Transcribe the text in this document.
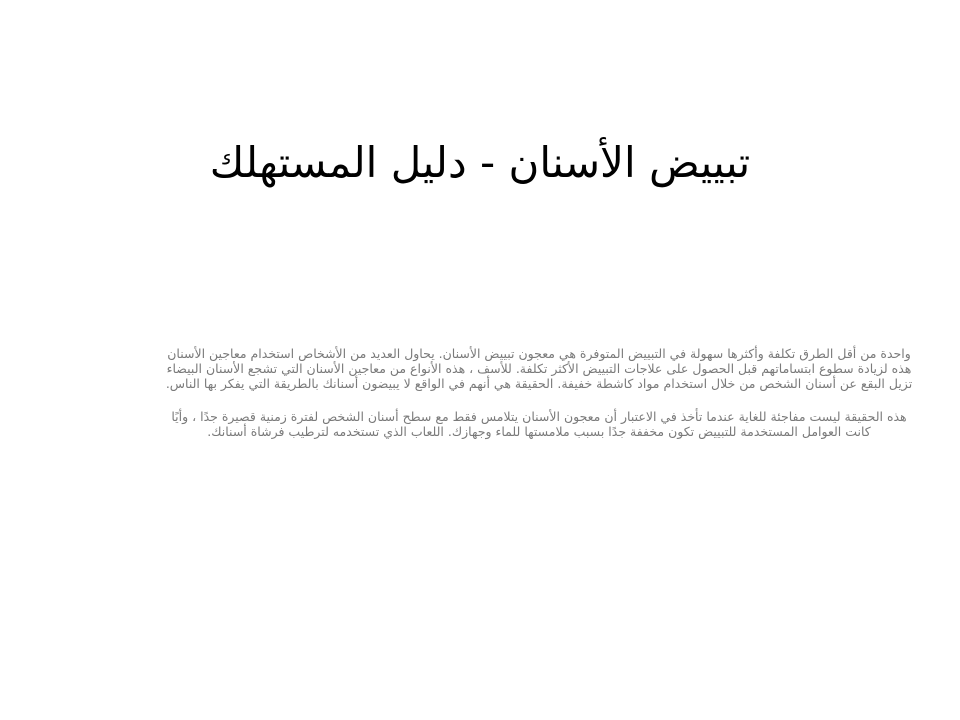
تبييض الأسنان - دليل المستهلك

واحدة من أقل الطرق تكلفة وأكثرها سهولة في التبييض المتوفرة هي معجون تبييض الأسنان. يحاول العديد من الأشخاص استخدام معاجين الأسنان هذه لزيادة سطوع ابتساماتهم قبل الحصول على علاجات التبييض الأكثر تكلفة. للأسف ، هذه الأنواع من معاجين الأسنان التي تشجع الأسنان البيضاء تزيل البقع عن أسنان الشخص من خلال استخدام مواد كاشطة خفيفة. الحقيقة هي أنهم في الواقع لا يبيضون أسنانك بالطريقة التي يفكر بها الناس.

هذه الحقيقة ليست مفاجئة للغاية عندما تأخذ في الاعتبار أن معجون الأسنان يتلامس فقط مع سطح أسنان الشخص لفترة زمنية قصيرة جدًا ، وأيًا كانت العوامل المستخدمة للتبييض تكون مخففة جدًا بسبب ملامستها للماء وجهازك. اللعاب الذي تستخدمه لترطيب فرشاة أسنانك.
